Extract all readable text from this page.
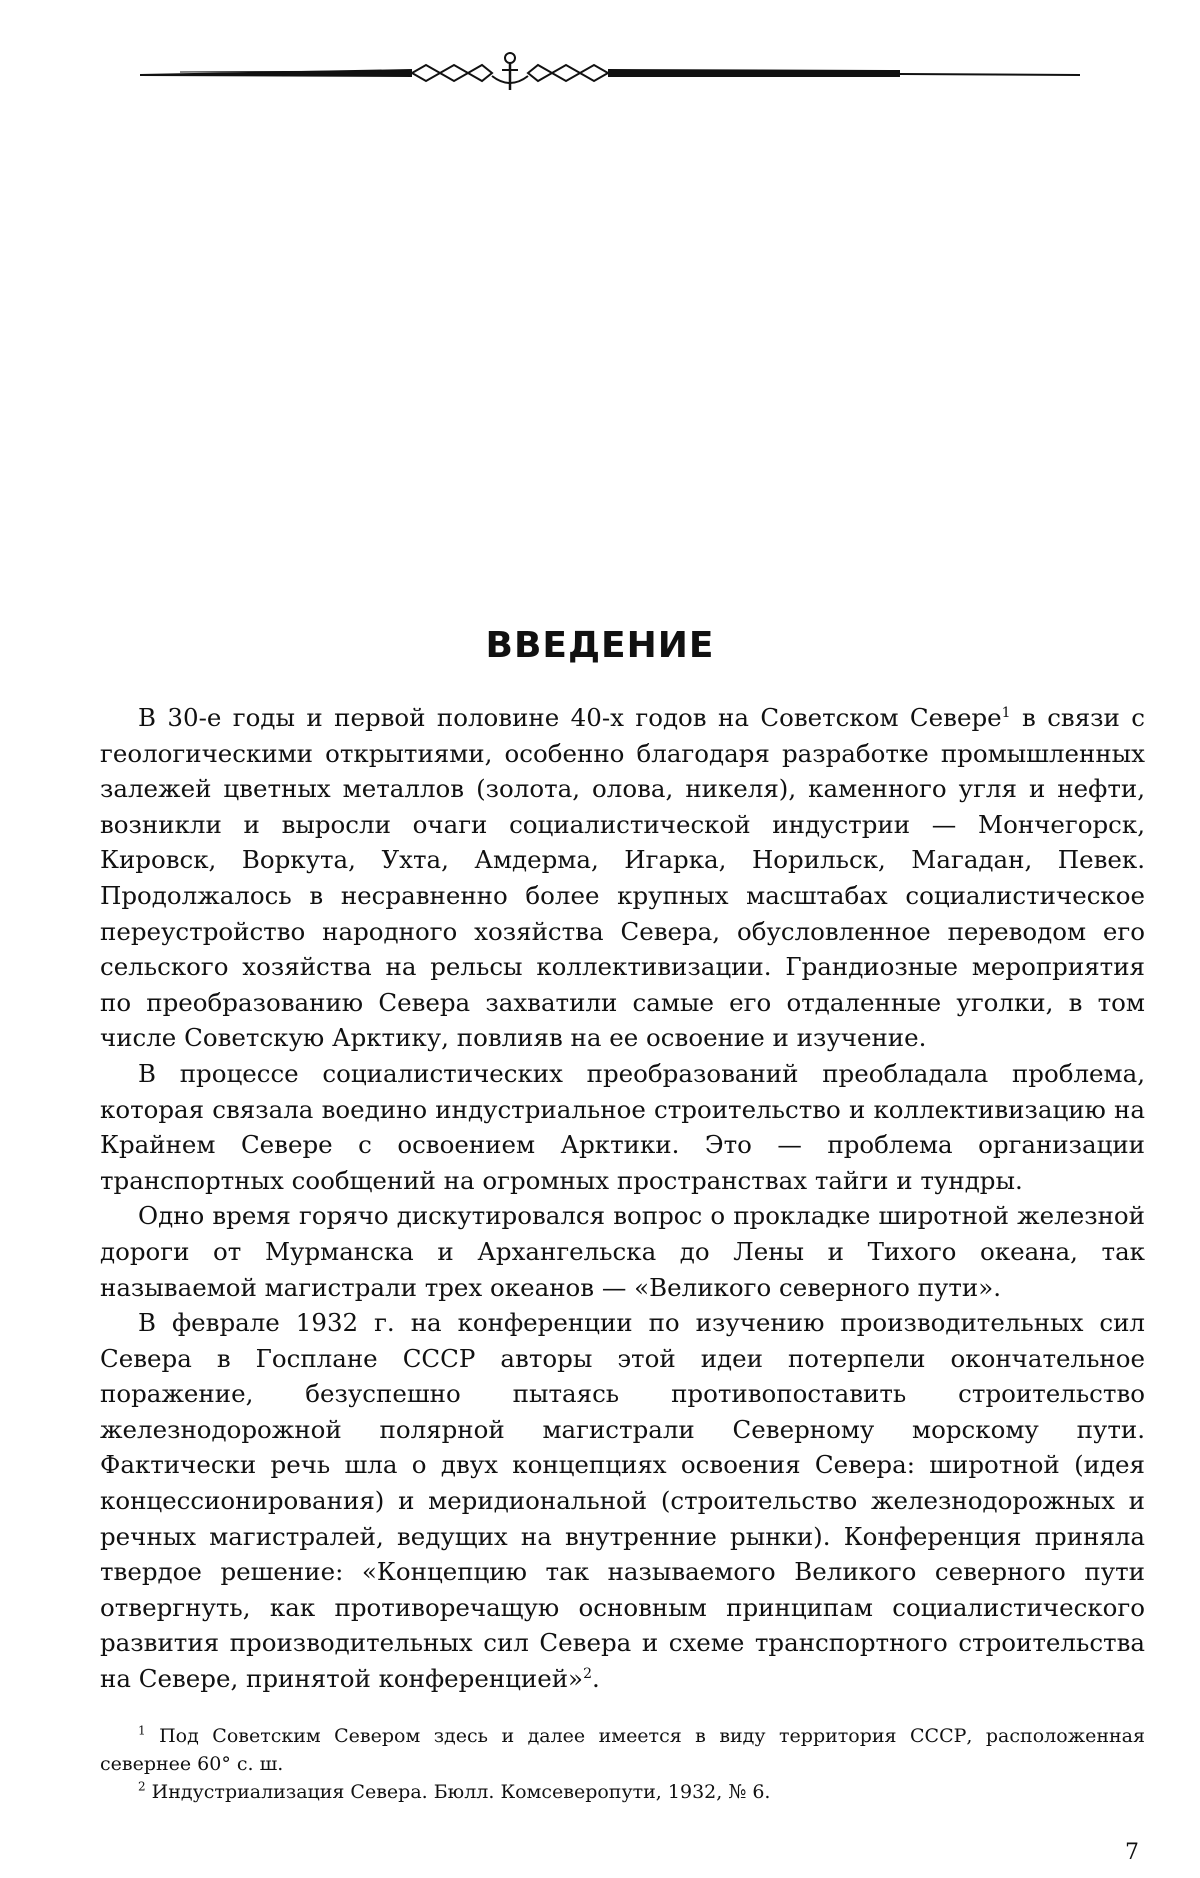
ВВЕДЕНИЕ

В 30-е годы и первой половине 40-х годов на Советском Севере$^1$ в связи с геологическими открытиями, особенно благодаря разработке промышленных залежей цветных металлов (золота, олова, никеля), каменного угля и нефти, возникли и выросли очаги социалистической индустрии — Мончегорск, Кировск, Воркута, Ухта, Амдерма, Игарка, Норильск, Магадан, Певек. Продолжалось в несравненно более крупных масштабах социалистическое переустройство народного хозяйства Севера, обусловленное переводом его сельского хозяйства на рельсы коллективизации. Грандиозные мероприятия по преобразованию Севера захватили самые его отдаленные уголки, в том числе Советскую Арктику, повлияв на ее освоение и изучение.

В процессе социалистических преобразований преобладала проблема, которая связала воедино индустриальное строительство и коллективизацию на Крайнем Севере с освоением Арктики. Это — проблема организации транспортных сообщений на огромных пространствах тайги и тундры.

Одно время горячо дискутировался вопрос о прокладке широтной железной дороги от Мурманска и Архангельска до Лены и Тихого океана, так называемой магистрали трех океанов — «Великого северного пути».

В феврале 1932 г. на конференции по изучению производительных сил Севера в Госплане СССР авторы этой идеи потерпели окончательное поражение, безуспешно пытаясь противопоставить строительство железнодорожной полярной магистрали Северному морскому пути. Фактически речь шла о двух концепциях освоения Севера: широтной (идея концессионирования) и меридиональной (строительство железнодорожных и речных магистралей, ведущих на внутренние рынки). Конференция приняла твердое решение: «Концепцию так называемого Великого северного пути отвергнуть, как противоречащую основным принципам социалистического развития производительных сил Севера и схеме транспортного строительства на Севере, принятой конференцией»$^2$.

$^1$ Под Советским Севером здесь и далее имеется в виду территория СССР, расположенная севернее 60° с. ш.

$^2$ Индустриализация Севера. Бюлл. Комсеверопути, 1932, № 6.

7
